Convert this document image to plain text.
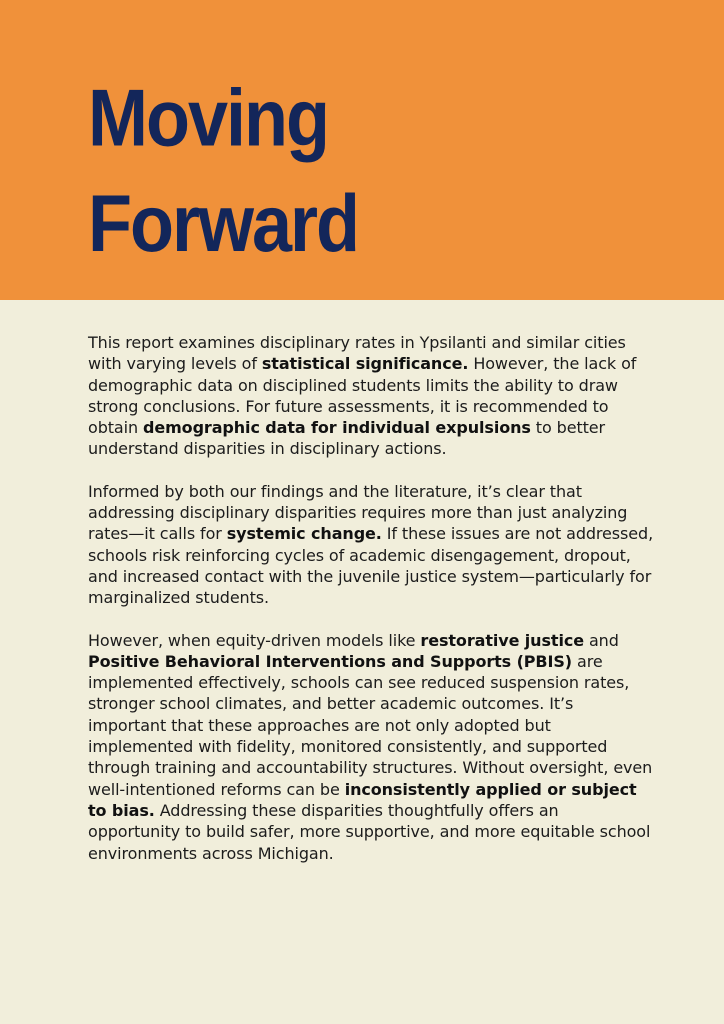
Moving
Forward

This report examines disciplinary rates in Ypsilanti and similar cities with varying levels of statistical significance. However, the lack of demographic data on disciplined students limits the ability to draw strong conclusions. For future assessments, it is recommended to obtain demographic data for individual expulsions to better understand disparities in disciplinary actions.

Informed by both our findings and the literature, it’s clear that addressing disciplinary disparities requires more than just analyzing rates—it calls for systemic change. If these issues are not addressed, schools risk reinforcing cycles of academic disengagement, dropout, and increased contact with the juvenile justice system—particularly for marginalized students.

However, when equity-driven models like restorative justice and Positive Behavioral Interventions and Supports (PBIS) are implemented effectively, schools can see reduced suspension rates, stronger school climates, and better academic outcomes. It’s important that these approaches are not only adopted but implemented with fidelity, monitored consistently, and supported through training and accountability structures. Without oversight, even well-intentioned reforms can be inconsistently applied or subject to bias. Addressing these disparities thoughtfully offers an opportunity to build safer, more supportive, and more equitable school environments across Michigan.
